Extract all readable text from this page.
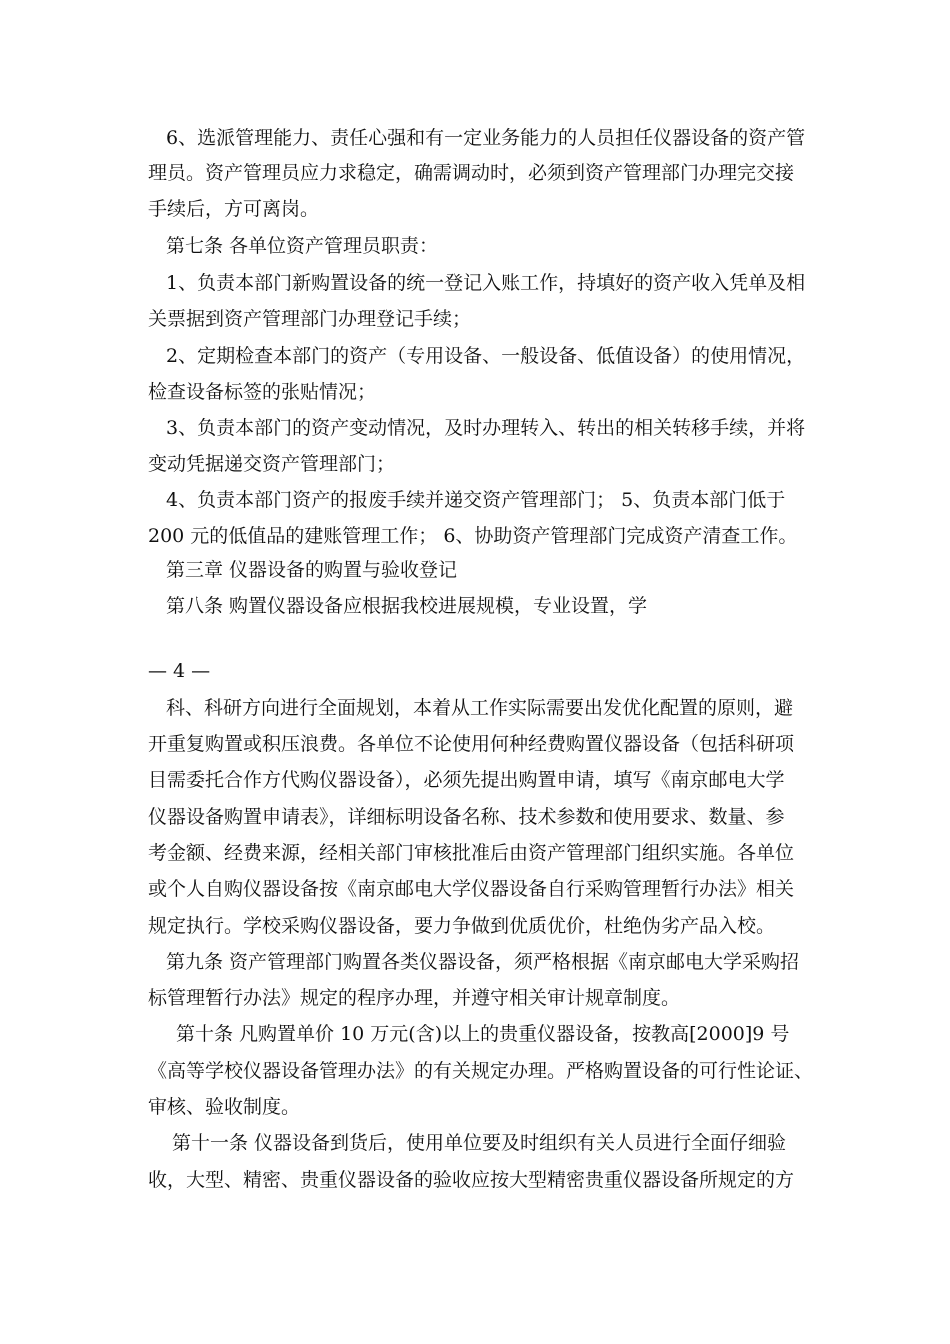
6、选派管理能力、责任心强和有一定业务能力的人员担任仪器设备的资产管
理员。资产管理员应力求稳定，确需调动时，必须到资产管理部门办理完交接
手续后，方可离岗。
第七条 各单位资产管理员职责：
1、负责本部门新购置设备的统一登记入账工作，持填好的资产收入凭单及相
关票据到资产管理部门办理登记手续；
2、定期检查本部门的资产（专用设备、一般设备、低值设备）的使用情况，
检查设备标签的张贴情况；
3、负责本部门的资产变动情况，及时办理转入、转出的相关转移手续，并将
变动凭据递交资产管理部门；
4、负责本部门资产的报废手续并递交资产管理部门； 5、负责本部门低于
200 元的低值品的建账管理工作； 6、协助资产管理部门完成资产清查工作。
第三章 仪器设备的购置与验收登记
第八条 购置仪器设备应根据我校进展规模，专业设置，学
— 4 —
科、科研方向进行全面规划，本着从工作实际需要出发优化配置的原则，避
开重复购置或积压浪费。各单位不论使用何种经费购置仪器设备（包括科研项
目需委托合作方代购仪器设备），必须先提出购置申请，填写《南京邮电大学
仪器设备购置申请表》，详细标明设备名称、技术参数和使用要求、数量、参
考金额、经费来源，经相关部门审核批准后由资产管理部门组织实施。各单位
或个人自购仪器设备按《南京邮电大学仪器设备自行采购管理暂行办法》相关
规定执行。学校采购仪器设备，要力争做到优质优价，杜绝伪劣产品入校。
第九条 资产管理部门购置各类仪器设备，须严格根据《南京邮电大学采购招
标管理暂行办法》规定的程序办理，并遵守相关审计规章制度。
第十条 凡购置单价 10 万元(含)以上的贵重仪器设备，按教高[2000]9 号
《高等学校仪器设备管理办法》的有关规定办理。严格购置设备的可行性论证、
审核、验收制度。
第十一条 仪器设备到货后，使用单位要及时组织有关人员进行全面仔细验
收，大型、精密、贵重仪器设备的验收应按大型精密贵重仪器设备所规定的方
